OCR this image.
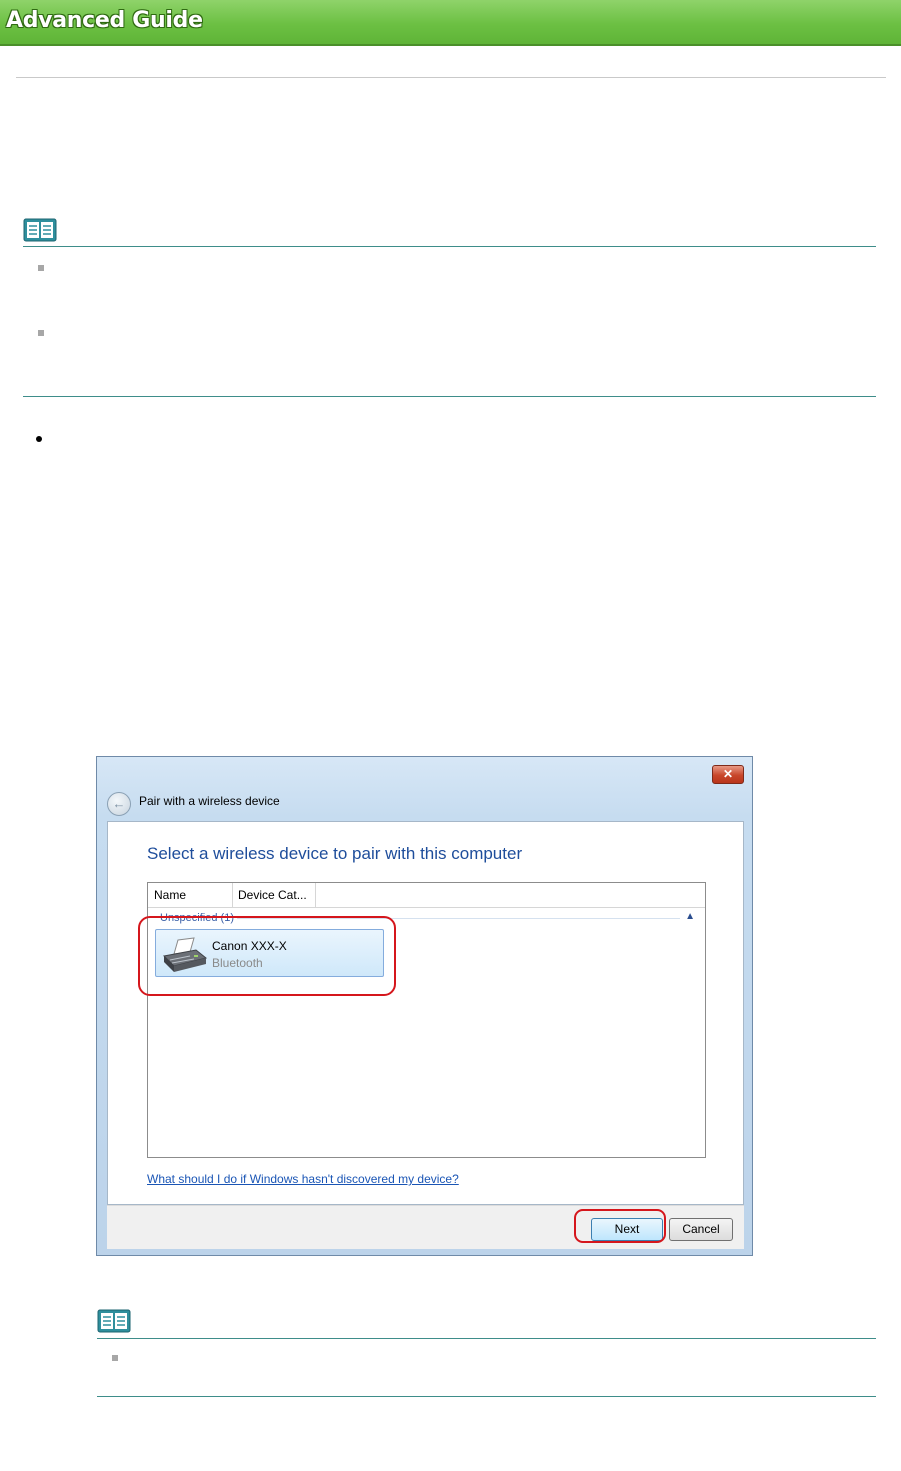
Advanced Guide
✕
←	Pair with a wireless device
Select a wireless device to pair with this computer
Name	Device Cat...
Unspecified (1)	▲
Canon XXX-X
Bluetooth
What should I do if Windows hasn't discovered my device?
Next	Cancel
